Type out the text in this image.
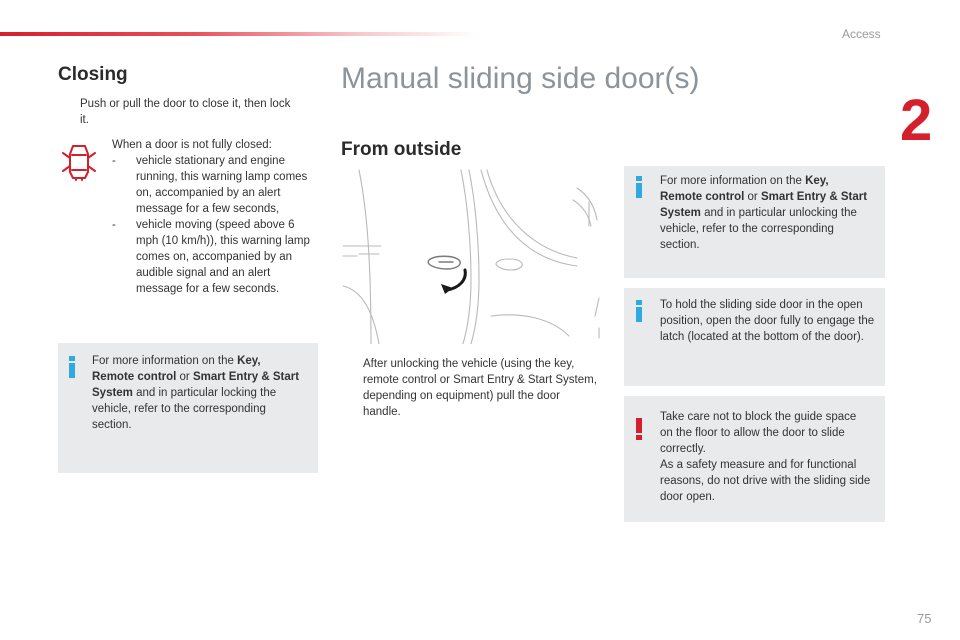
Access
2
Closing
Push or pull the door to close it, then lock it.
When a door is not fully closed:
- vehicle stationary and engine running, this warning lamp comes on, accompanied by an alert message for a few seconds,
- vehicle moving (speed above 6 mph (10 km/h)), this warning lamp comes on, accompanied by an audible signal and an alert message for a few seconds.
For more information on the Key, Remote control or Smart Entry & Start System and in particular locking the vehicle, refer to the corresponding section.
Manual sliding side door(s)
From outside
After unlocking the vehicle (using the key, remote control or Smart Entry & Start System, depending on equipment) pull the door handle.
For more information on the Key, Remote control or Smart Entry & Start System and in particular unlocking the vehicle, refer to the corresponding section.
To hold the sliding side door in the open position, open the door fully to engage the latch (located at the bottom of the door).
Take care not to block the guide space on the floor to allow the door to slide correctly.
As a safety measure and for functional reasons, do not drive with the sliding side door open.
75
